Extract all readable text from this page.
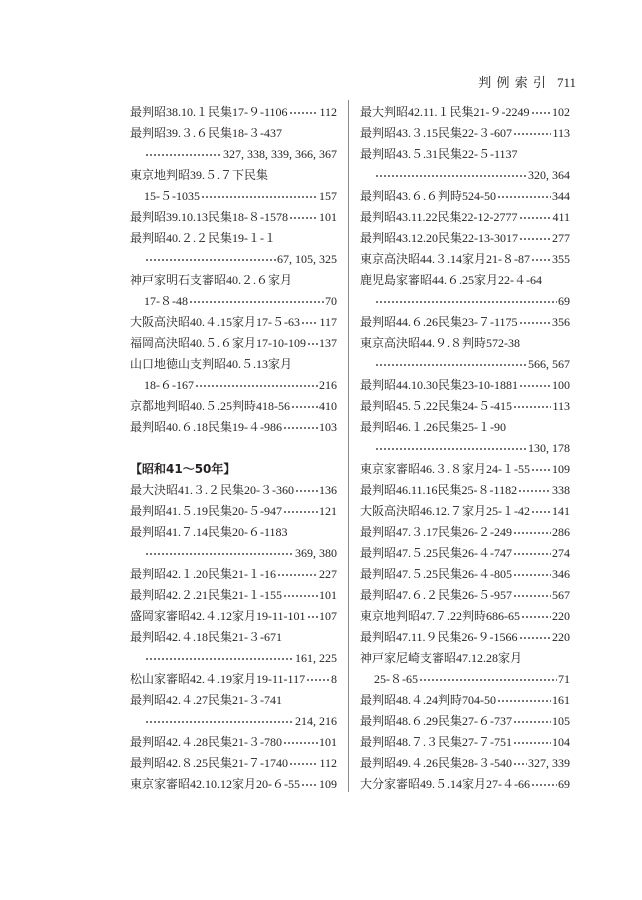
判 例 索 引 711
最判昭38.10.１民集17-９-1106	112
最判昭39.３.６民集18-３-437
327, 338, 339, 366, 367
東京地判昭39.５.７下民集
15-５-1035	157
最判昭39.10.13民集18-８-1578	101
最判昭40.２.２民集19-１-１
67, 105, 325
神戸家明石支審昭40.２.６家月
17-８-48	70
大阪高決昭40.４.15家月17-５-63 117
福岡高決昭40.５.６家月17-10-109 137
山口地徳山支判昭40.５.13家月
18-６-167	216
京都地判昭40.５.25判時418-56 410
最判昭40.６.18民集19-４-986	103
【昭和41～50年】
最大決昭41.３.２民集20-３-360 136
最判昭41.５.19民集20-５-947	121
最判昭41.７.14民集20-６-1183
369, 380
最判昭42.１.20民集21-１-16	227
最判昭42.２.21民集21-１-155	101
盛岡家審昭42.４.12家月19-11-101 107
最判昭42.４.18民集21-３-671
161, 225
松山家審昭42.４.19家月19-11-117 8
最判昭42.４.27民集21-３-741
214, 216
最判昭42.４.28民集21-３-780	101
最判昭42.８.25民集21-７-1740	112
東京家審昭42.10.12家月20-６-55 109
最大判昭42.11.１民集21-９-2249 102
最判昭43.３.15民集22-３-607	113
最判昭43.５.31民集22-５-1137
320, 364
最判昭43.６.６判時524-50	344
最判昭43.11.22民集22-12-2777	411
最判昭43.12.20民集22-13-3017	277
東京高決昭44.３.14家月21-８-87 355
鹿児島家審昭44.６.25家月22-４-64
69
最判昭44.６.26民集23-７-1175	356
東京高決昭44.９.８判時572-38
566, 567
最判昭44.10.30民集23-10-1881	100
最判昭45.５.22民集24-５-415	113
最判昭46.１.26民集25-１-90
130, 178
東京家審昭46.３.８家月24-１-55 109
最判昭46.11.16民集25-８-1182	338
大阪高決昭46.12.７家月25-１-42 141
最判昭47.３.17民集26-２-249	286
最判昭47.５.25民集26-４-747	274
最判昭47.５.25民集26-４-805	346
最判昭47.６.２民集26-５-957	567
東京地判昭47.７.22判時686-65	220
最判昭47.11.９民集26-９-1566	220
神戸家尼崎支審昭47.12.28家月
25-８-65	71
最判昭48.４.24判時704-50	161
最判昭48.６.29民集27-６-737	105
最判昭48.７.３民集27-７-751	104
最判昭49.４.26民集28-３-540 327, 339
大分家審昭49.５.14家月27-４-66 69
